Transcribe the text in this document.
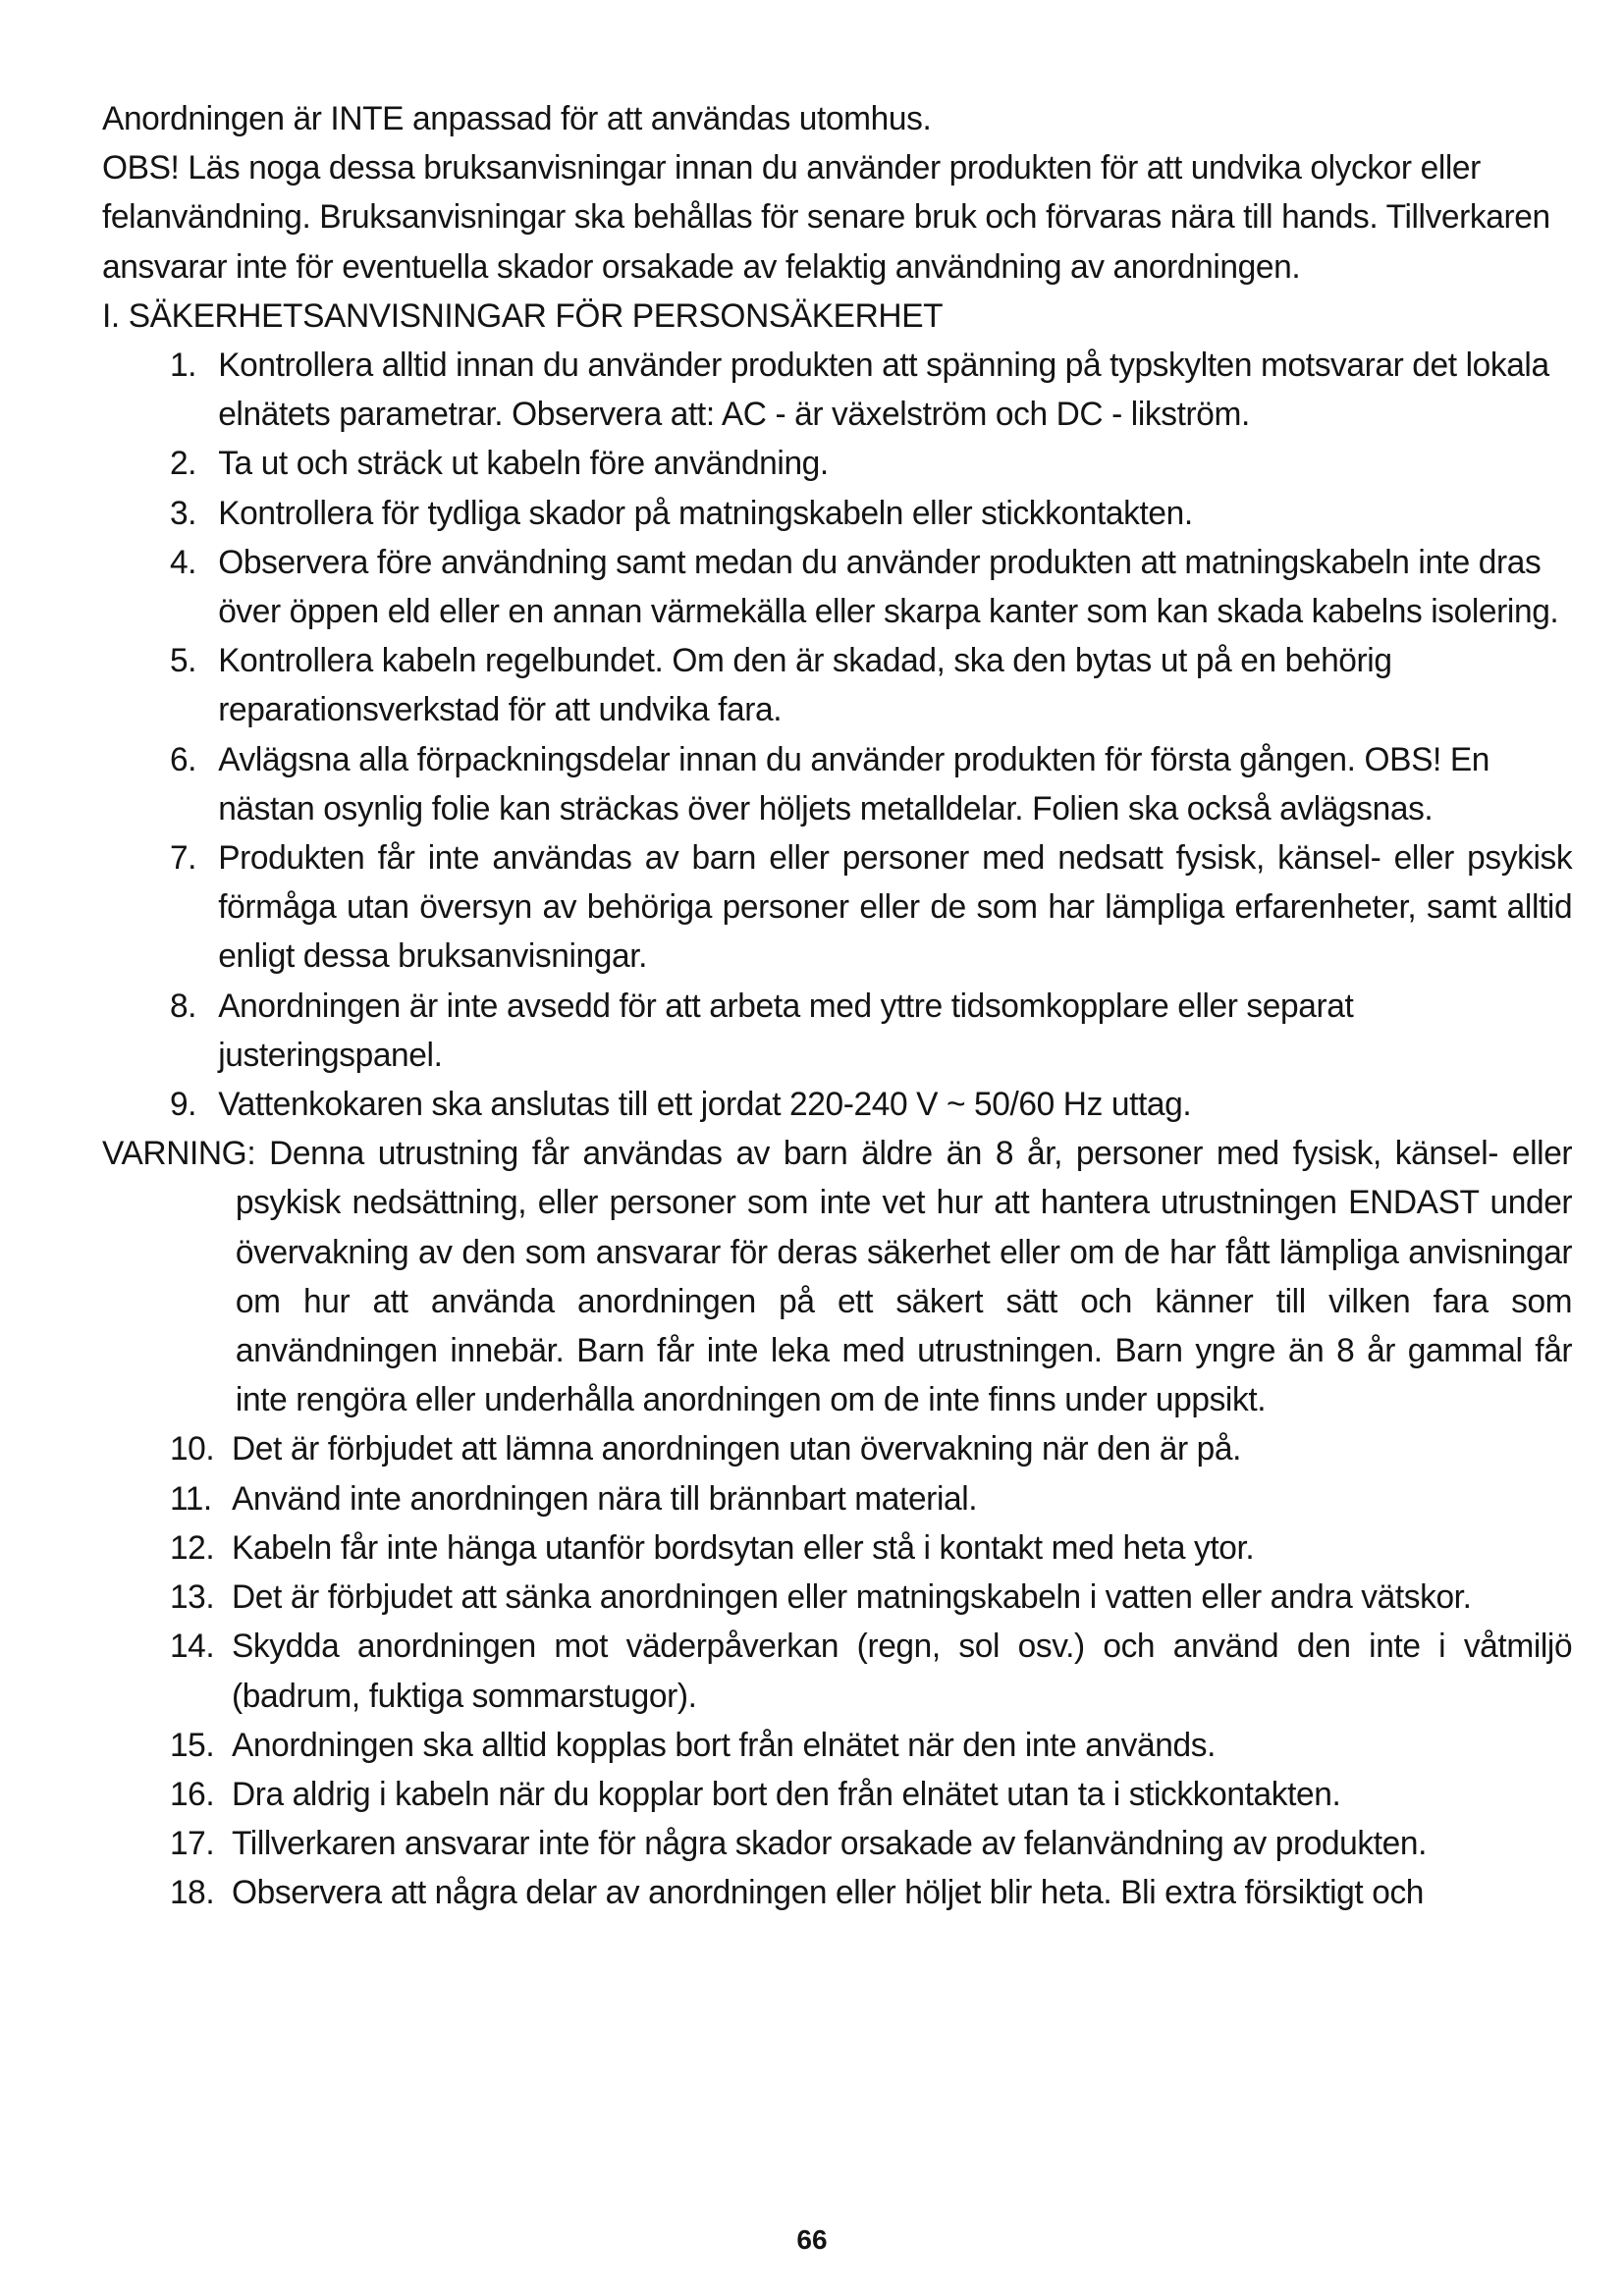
Anordningen är INTE anpassad för att användas utomhus.

OBS! Läs noga dessa bruksanvisningar innan du använder produkten för att undvika olyckor eller felanvändning. Bruksanvisningar ska behållas för senare bruk och förvaras nära till hands. Tillverkaren ansvarar inte för eventuella skador orsakade av felaktig användning av anordningen.

I. SÄKERHETSANVISNINGAR FÖR PERSONSÄKERHET

1. Kontrollera alltid innan du använder produkten att spänning på typskylten motsvarar det lokala elnätets parametrar. Observera att: AC - är växelström och DC - likström.
2. Ta ut och sträck ut kabeln före användning.
3. Kontrollera för tydliga skador på matningskabeln eller stickkontakten.
4. Observera före användning samt medan du använder produkten att matningskabeln inte dras över öppen eld eller en annan värmekälla eller skarpa kanter som kan skada kabelns isolering.
5. Kontrollera kabeln regelbundet. Om den är skadad, ska den bytas ut på en behörig reparationsverkstad för att undvika fara.
6. Avlägsna alla förpackningsdelar innan du använder produkten för första gången. OBS! En nästan osynlig folie kan sträckas över höljets metalldelar. Folien ska också avlägsnas.
7. Produkten får inte användas av barn eller personer med nedsatt fysisk, känsel- eller psykisk förmåga utan översyn av behöriga personer eller de som har lämpliga erfarenheter, samt alltid enligt dessa bruksanvisningar.
8. Anordningen är inte avsedd för att arbeta med yttre tidsomkopplare eller separat justeringspanel.
9. Vattenkokaren ska anslutas till ett jordat 220-240 V ~ 50/60 Hz uttag.

VARNING: Denna utrustning får användas av barn äldre än 8 år, personer med fysisk, känsel- eller psykisk nedsättning, eller personer som inte vet hur att hantera utrustningen ENDAST under övervakning av den som ansvarar för deras säkerhet eller om de har fått lämpliga anvisningar om hur att använda anordningen på ett säkert sätt och känner till vilken fara som användningen innebär. Barn får inte leka med utrustningen. Barn yngre än 8 år gammal får inte rengöra eller underhålla anordningen om de inte finns under uppsikt.

10. Det är förbjudet att lämna anordningen utan övervakning när den är på.
11. Använd inte anordningen nära till brännbart material.
12. Kabeln får inte hänga utanför bordsytan eller stå i kontakt med heta ytor.
13. Det är förbjudet att sänka anordningen eller matningskabeln i vatten eller andra vätskor.
14. Skydda anordningen mot väderpåverkan (regn, sol osv.) och använd den inte i våtmiljö (badrum, fuktiga sommarstugor).
15. Anordningen ska alltid kopplas bort från elnätet när den inte används.
16. Dra aldrig i kabeln när du kopplar bort den från elnätet utan ta i stickkontakten.
17. Tillverkaren ansvarar inte för några skador orsakade av felanvändning av produkten.
18. Observera att några delar av anordningen eller höljet blir heta. Bli extra försiktigt och
66
